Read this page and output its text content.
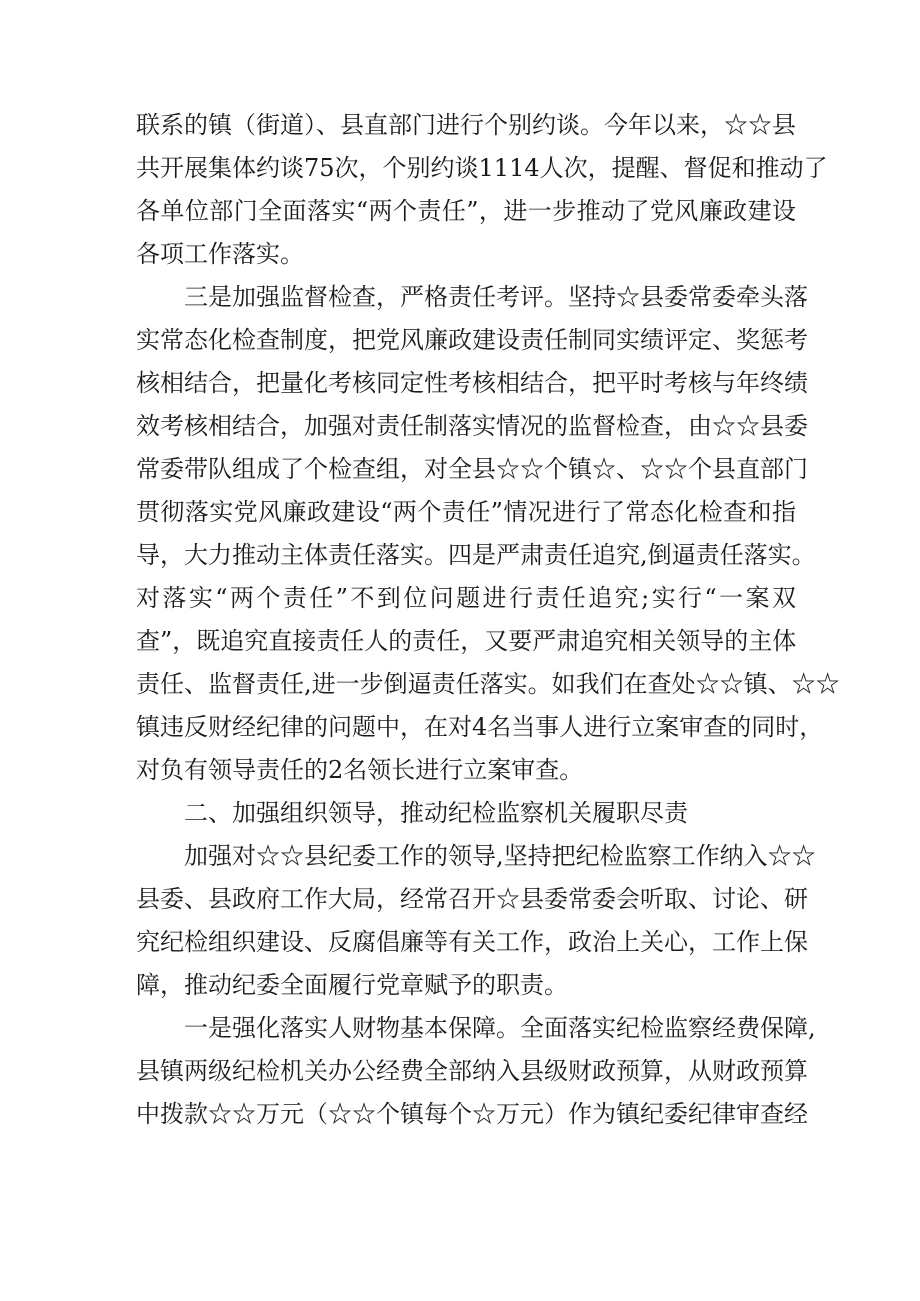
联系的镇（街道）、县直部门进行个别约谈。今年以来，☆☆县
共开展集体约谈75次，个别约谈1114人次，提醒、督促和推动了
各单位部门全面落实“两个责任”，进一步推动了党风廉政建设
各项工作落实。
三是加强监督检查，严格责任考评。坚持☆县委常委牵头落
实常态化检查制度，把党风廉政建设责任制同实绩评定、奖惩考
核相结合，把量化考核同定性考核相结合，把平时考核与年终绩
效考核相结合，加强对责任制落实情况的监督检查，由☆☆县委
常委带队组成了个检查组，对全县☆☆个镇☆、☆☆个县直部门
贯彻落实党风廉政建设“两个责任”情况进行了常态化检查和指
导，大力推动主体责任落实。四是严肃责任追究,倒逼责任落实。
对落实“两个责任”不到位问题进行责任追究;实行“一案双
查”，既追究直接责任人的责任，又要严肃追究相关领导的主体
责任、监督责任,进一步倒逼责任落实。如我们在查处☆☆镇、☆☆
镇违反财经纪律的问题中，在对4名当事人进行立案审查的同时，
对负有领导责任的2名领长进行立案审查。
二、加强组织领导，推动纪检监察机关履职尽责
加强对☆☆县纪委工作的领导,坚持把纪检监察工作纳入☆☆
县委、县政府工作大局，经常召开☆县委常委会听取、讨论、研
究纪检组织建设、反腐倡廉等有关工作，政治上关心，工作上保
障，推动纪委全面履行党章赋予的职责。
一是强化落实人财物基本保障。全面落实纪检监察经费保障,
县镇两级纪检机关办公经费全部纳入县级财政预算，从财政预算
中拨款☆☆万元（☆☆个镇每个☆万元）作为镇纪委纪律审查经
